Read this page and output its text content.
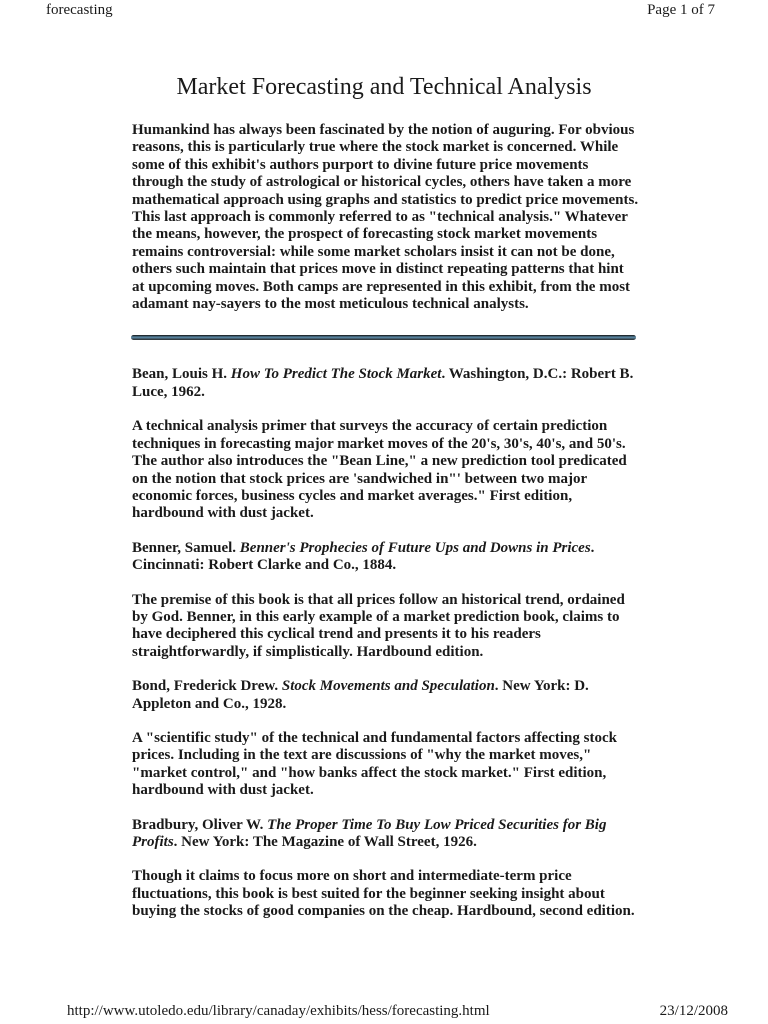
forecasting	Page 1 of 7
Market Forecasting and Technical Analysis

Humankind has always been fascinated by the notion of auguring. For obvious reasons, this is particularly true where the stock market is concerned. While some of this exhibit's authors purport to divine future price movements through the study of astrological or historical cycles, others have taken a more mathematical approach using graphs and statistics to predict price movements. This last approach is commonly referred to as "technical analysis." Whatever the means, however, the prospect of forecasting stock market movements remains controversial: while some market scholars insist it can not be done, others such maintain that prices move in distinct repeating patterns that hint at upcoming moves. Both camps are represented in this exhibit, from the most adamant nay-sayers to the most meticulous technical analysts.

Bean, Louis H. How To Predict The Stock Market. Washington, D.C.: Robert B. Luce, 1962.

A technical analysis primer that surveys the accuracy of certain prediction techniques in forecasting major market moves of the 20's, 30's, 40's, and 50's. The author also introduces the "Bean Line," a new prediction tool predicated on the notion that stock prices are 'sandwiched in"' between two major economic forces, business cycles and market averages." First edition, hardbound with dust jacket.

Benner, Samuel. Benner's Prophecies of Future Ups and Downs in Prices. Cincinnati: Robert Clarke and Co., 1884.

The premise of this book is that all prices follow an historical trend, ordained by God. Benner, in this early example of a market prediction book, claims to have deciphered this cyclical trend and presents it to his readers straightforwardly, if simplistically. Hardbound edition.

Bond, Frederick Drew. Stock Movements and Speculation. New York: D. Appleton and Co., 1928.

A "scientific study" of the technical and fundamental factors affecting stock prices. Including in the text are discussions of "why the market moves," "market control," and "how banks affect the stock market." First edition, hardbound with dust jacket.

Bradbury, Oliver W. The Proper Time To Buy Low Priced Securities for Big Profits. New York: The Magazine of Wall Street, 1926.

Though it claims to focus more on short and intermediate-term price fluctuations, this book is best suited for the beginner seeking insight about buying the stocks of good companies on the cheap. Hardbound, second edition.

http://www.utoledo.edu/library/canaday/exhibits/hess/forecasting.html	23/12/2008
